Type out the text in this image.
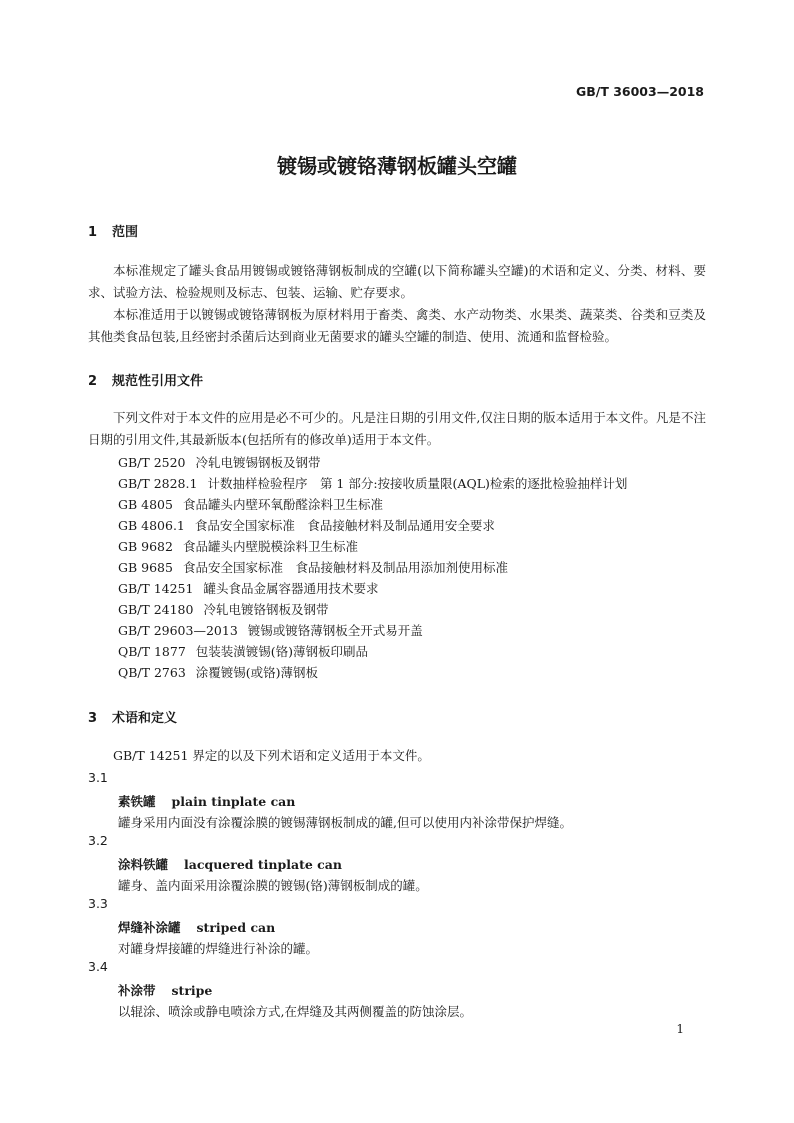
GB/T 36003—2018
镀锡或镀铬薄钢板罐头空罐
1 范围
本标准规定了罐头食品用镀锡或镀铬薄钢板制成的空罐(以下简称罐头空罐)的术语和定义、分类、材料、要求、试验方法、检验规则及标志、包装、运输、贮存要求。
本标准适用于以镀锡或镀铬薄钢板为原材料用于畜类、禽类、水产动物类、水果类、蔬菜类、谷类和豆类及其他类食品包装,且经密封杀菌后达到商业无菌要求的罐头空罐的制造、使用、流通和监督检验。
2 规范性引用文件
下列文件对于本文件的应用是必不可少的。凡是注日期的引用文件,仅注日期的版本适用于本文件。凡是不注日期的引用文件,其最新版本(包括所有的修改单)适用于本文件。
GB/T 2520 冷轧电镀锡钢板及钢带
GB/T 2828.1 计数抽样检验程序　第 1 部分:按接收质量限(AQL)检索的逐批检验抽样计划
GB 4805 食品罐头内壁环氧酚醛涂料卫生标准
GB 4806.1 食品安全国家标准　食品接触材料及制品通用安全要求
GB 9682 食品罐头内壁脱模涂料卫生标准
GB 9685 食品安全国家标准　食品接触材料及制品用添加剂使用标准
GB/T 14251 罐头食品金属容器通用技术要求
GB/T 24180 冷轧电镀铬钢板及钢带
GB/T 29603—2013 镀锡或镀铬薄钢板全开式易开盖
QB/T 1877 包装装潢镀锡(铬)薄钢板印刷品
QB/T 2763 涂覆镀锡(或铬)薄钢板
3 术语和定义
GB/T 14251 界定的以及下列术语和定义适用于本文件。
3.1
素铁罐 plain tinplate can
罐身采用内面没有涂覆涂膜的镀锡薄钢板制成的罐,但可以使用内补涂带保护焊缝。
3.2
涂料铁罐 lacquered tinplate can
罐身、盖内面采用涂覆涂膜的镀锡(铬)薄钢板制成的罐。
3.3
焊缝补涂罐 striped can
对罐身焊接罐的焊缝进行补涂的罐。
3.4
补涂带 stripe
以辊涂、喷涂或静电喷涂方式,在焊缝及其两侧覆盖的防蚀涂层。
1
